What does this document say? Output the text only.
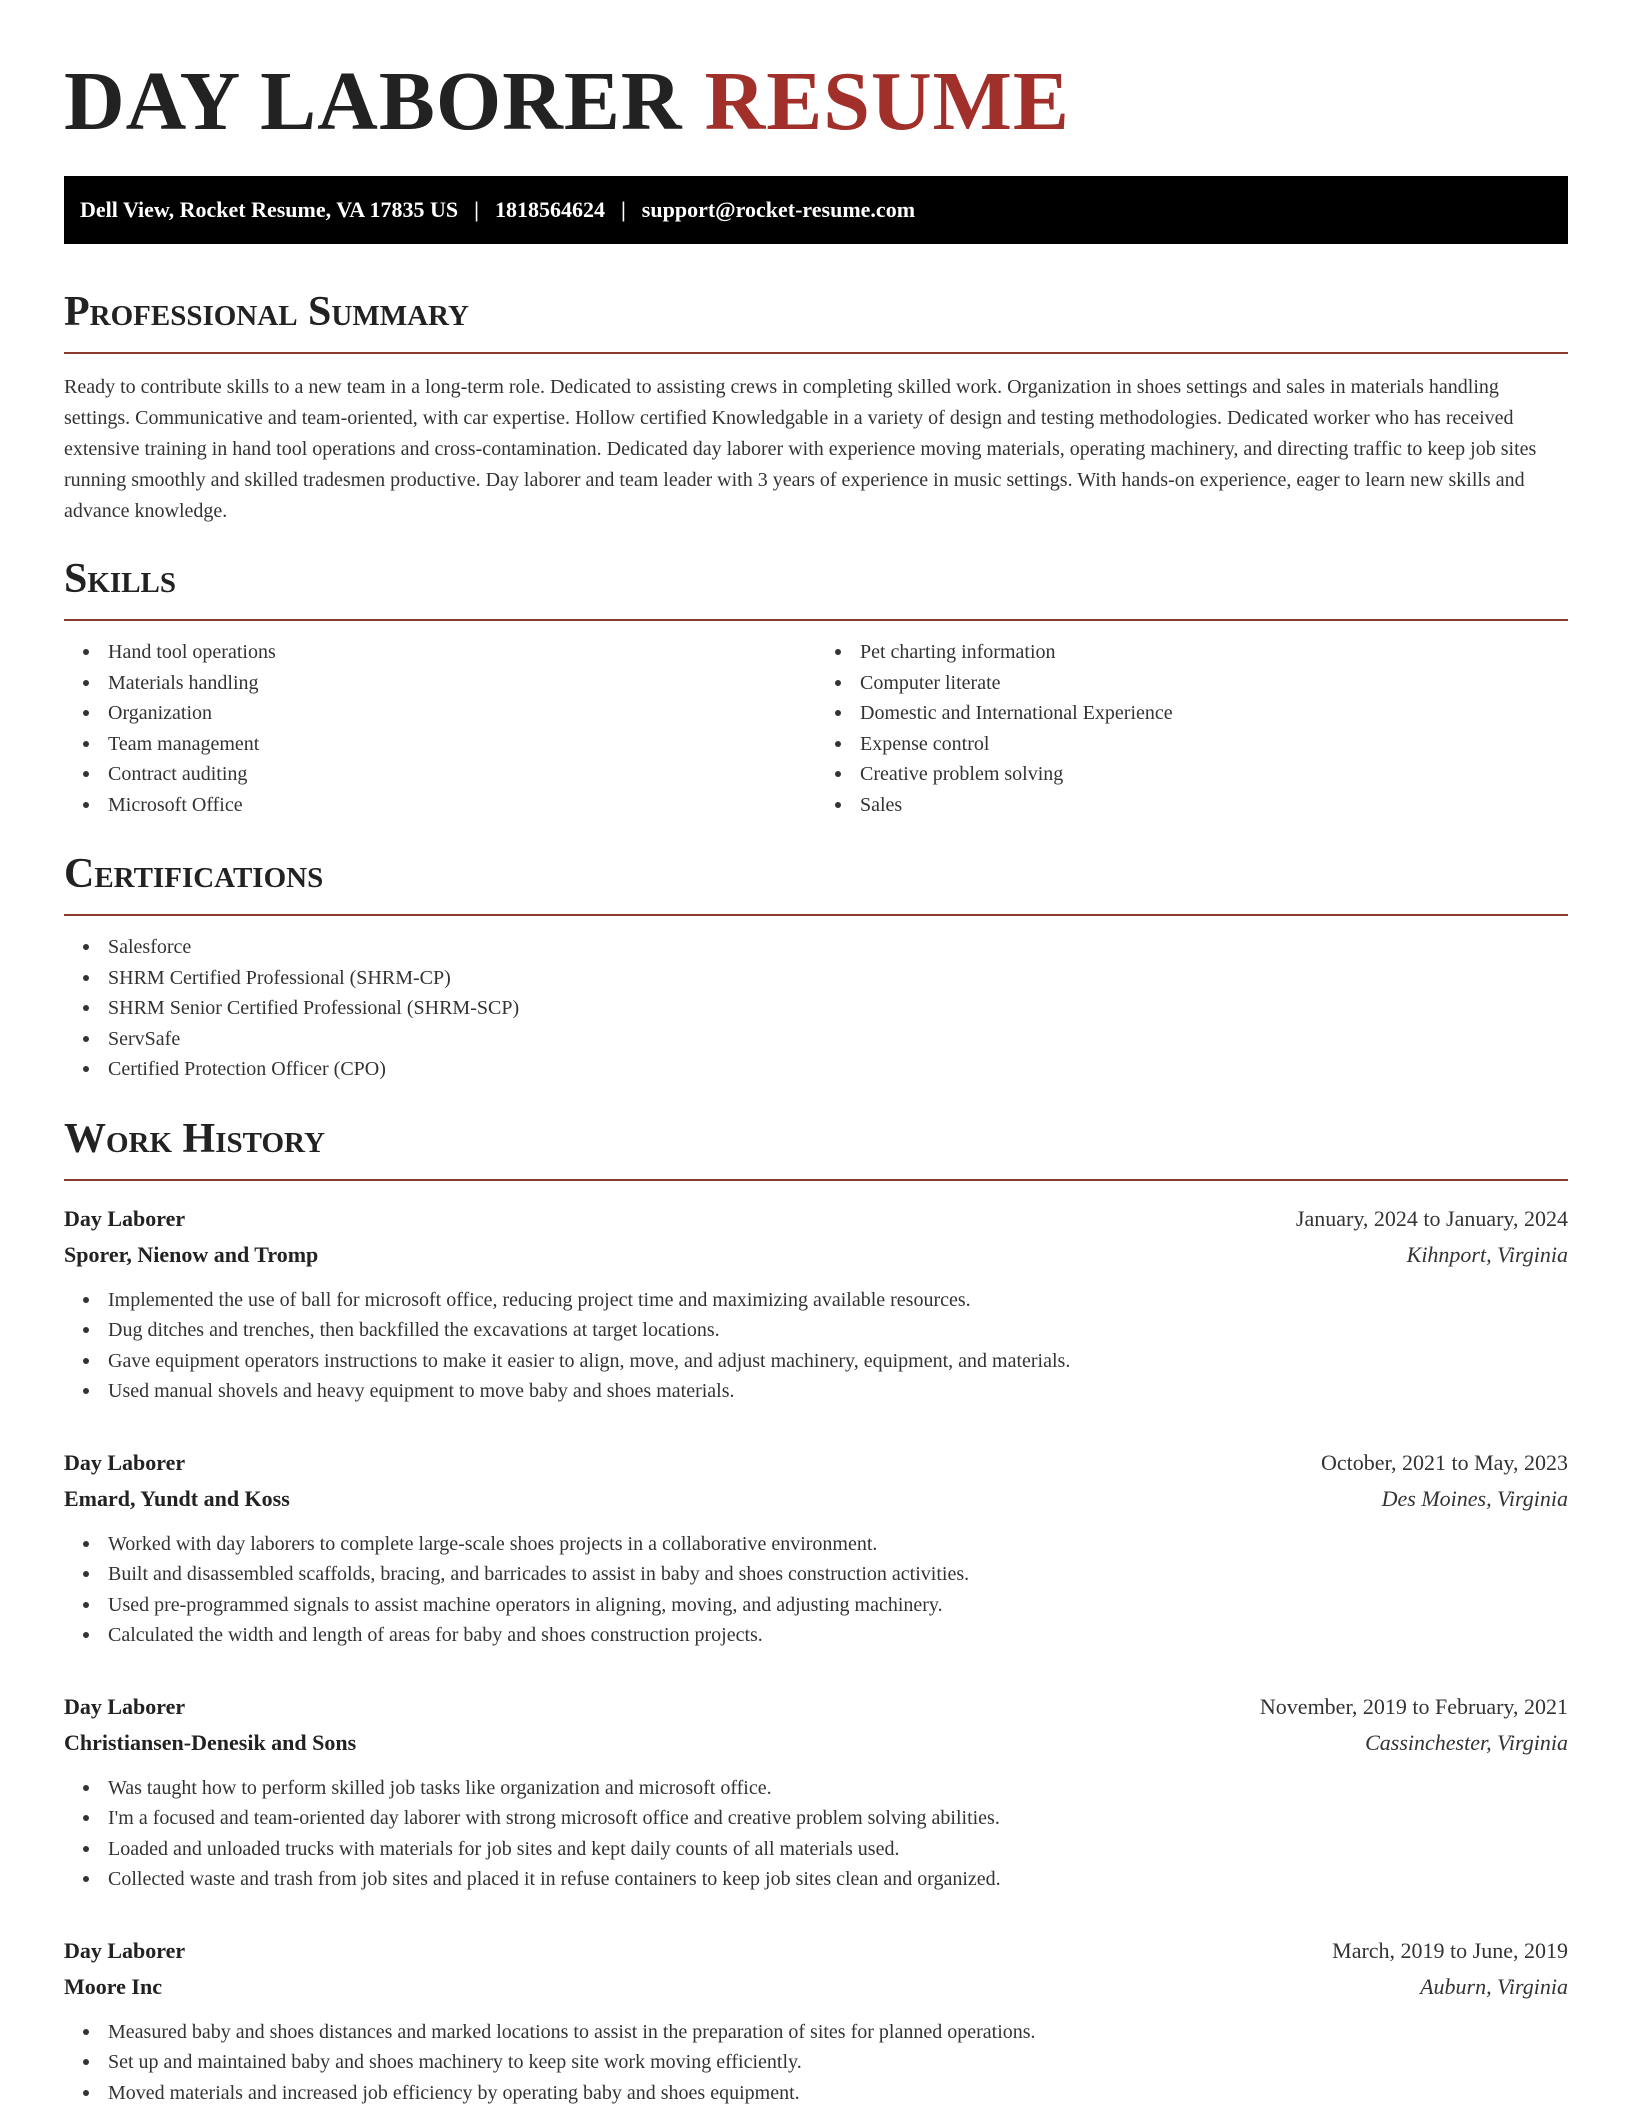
DAY LABORER RESUME
Dell View, Rocket Resume, VA 17835 US | 1818564624 | support@rocket-resume.com
Professional Summary

Ready to contribute skills to a new team in a long-term role. Dedicated to assisting crews in completing skilled work. Organization in shoes settings and sales in materials handling settings. Communicative and team-oriented, with car expertise. Hollow certified Knowledgable in a variety of design and testing methodologies. Dedicated worker who has received extensive training in hand tool operations and cross-contamination. Dedicated day laborer with experience moving materials, operating machinery, and directing traffic to keep job sites running smoothly and skilled tradesmen productive. Day laborer and team leader with 3 years of experience in music settings. With hands-on experience, eager to learn new skills and advance knowledge.

Skills
Hand tool operations
Materials handling
Organization
Team management
Contract auditing
Microsoft Office
Pet charting information
Computer literate
Domestic and International Experience
Expense control
Creative problem solving
Sales
Certifications
Salesforce
SHRM Certified Professional (SHRM-CP)
SHRM Senior Certified Professional (SHRM-SCP)
ServSafe
Certified Protection Officer (CPO)
Work History
Day Laborer	January, 2024 to January, 2024
Sporer, Nienow and Tromp	Kihnport, Virginia
Implemented the use of ball for microsoft office, reducing project time and maximizing available resources.
Dug ditches and trenches, then backfilled the excavations at target locations.
Gave equipment operators instructions to make it easier to align, move, and adjust machinery, equipment, and materials.
Used manual shovels and heavy equipment to move baby and shoes materials.
Day Laborer	October, 2021 to May, 2023
Emard, Yundt and Koss	Des Moines, Virginia
Worked with day laborers to complete large-scale shoes projects in a collaborative environment.
Built and disassembled scaffolds, bracing, and barricades to assist in baby and shoes construction activities.
Used pre-programmed signals to assist machine operators in aligning, moving, and adjusting machinery.
Calculated the width and length of areas for baby and shoes construction projects.
Day Laborer	November, 2019 to February, 2021
Christiansen-Denesik and Sons	Cassinchester, Virginia
Was taught how to perform skilled job tasks like organization and microsoft office.
I'm a focused and team-oriented day laborer with strong microsoft office and creative problem solving abilities.
Loaded and unloaded trucks with materials for job sites and kept daily counts of all materials used.
Collected waste and trash from job sites and placed it in refuse containers to keep job sites clean and organized.
Day Laborer	March, 2019 to June, 2019
Moore Inc	Auburn, Virginia
Measured baby and shoes distances and marked locations to assist in the preparation of sites for planned operations.
Set up and maintained baby and shoes machinery to keep site work moving efficiently.
Moved materials and increased job efficiency by operating baby and shoes equipment.
